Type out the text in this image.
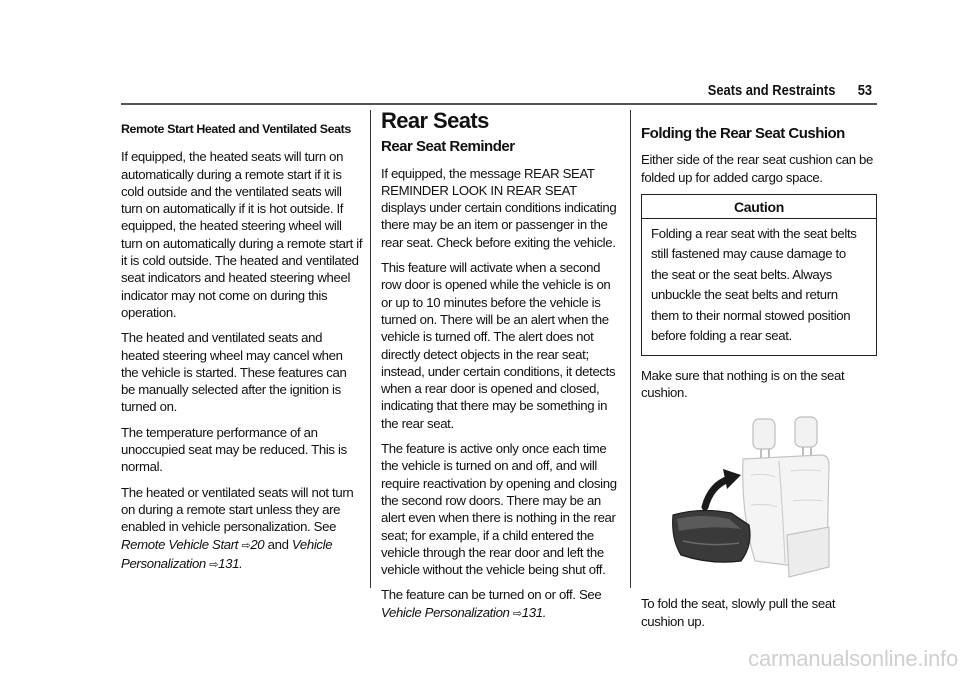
Seats and Restraints 53

Remote Start Heated and Ventilated Seats

If equipped, the heated seats will turn on automatically during a remote start if it is cold outside and the ventilated seats will turn on automatically if it is hot outside. If equipped, the heated steering wheel will turn on automatically during a remote start if it is cold outside. The heated and ventilated seat indicators and heated steering wheel indicator may not come on during this operation.

The heated and ventilated seats and heated steering wheel may cancel when the vehicle is started. These features can be manually selected after the ignition is turned on.

The temperature performance of an unoccupied seat may be reduced. This is normal.

The heated or ventilated seats will not turn on during a remote start unless they are enabled in vehicle personalization. See Remote Vehicle Start ⇨20 and Vehicle Personalization ⇨131.

Rear Seats

Rear Seat Reminder

If equipped, the message REAR SEAT REMINDER LOOK IN REAR SEAT displays under certain conditions indicating there may be an item or passenger in the rear seat. Check before exiting the vehicle.

This feature will activate when a second row door is opened while the vehicle is on or up to 10 minutes before the vehicle is turned on. There will be an alert when the vehicle is turned off. The alert does not directly detect objects in the rear seat; instead, under certain conditions, it detects when a rear door is opened and closed, indicating that there may be something in the rear seat.

The feature is active only once each time the vehicle is turned on and off, and will require reactivation by opening and closing the second row doors. There may be an alert even when there is nothing in the rear seat; for example, if a child entered the vehicle through the rear door and left the vehicle without the vehicle being shut off.

The feature can be turned on or off. See Vehicle Personalization ⇨131.

Folding the Rear Seat Cushion

Either side of the rear seat cushion can be folded up for added cargo space.

Caution

Folding a rear seat with the seat belts still fastened may cause damage to the seat or the seat belts. Always unbuckle the seat belts and return them to their normal stowed position before folding a rear seat.

Make sure that nothing is on the seat cushion.

To fold the seat, slowly pull the seat cushion up.

carmanualsonline.info
